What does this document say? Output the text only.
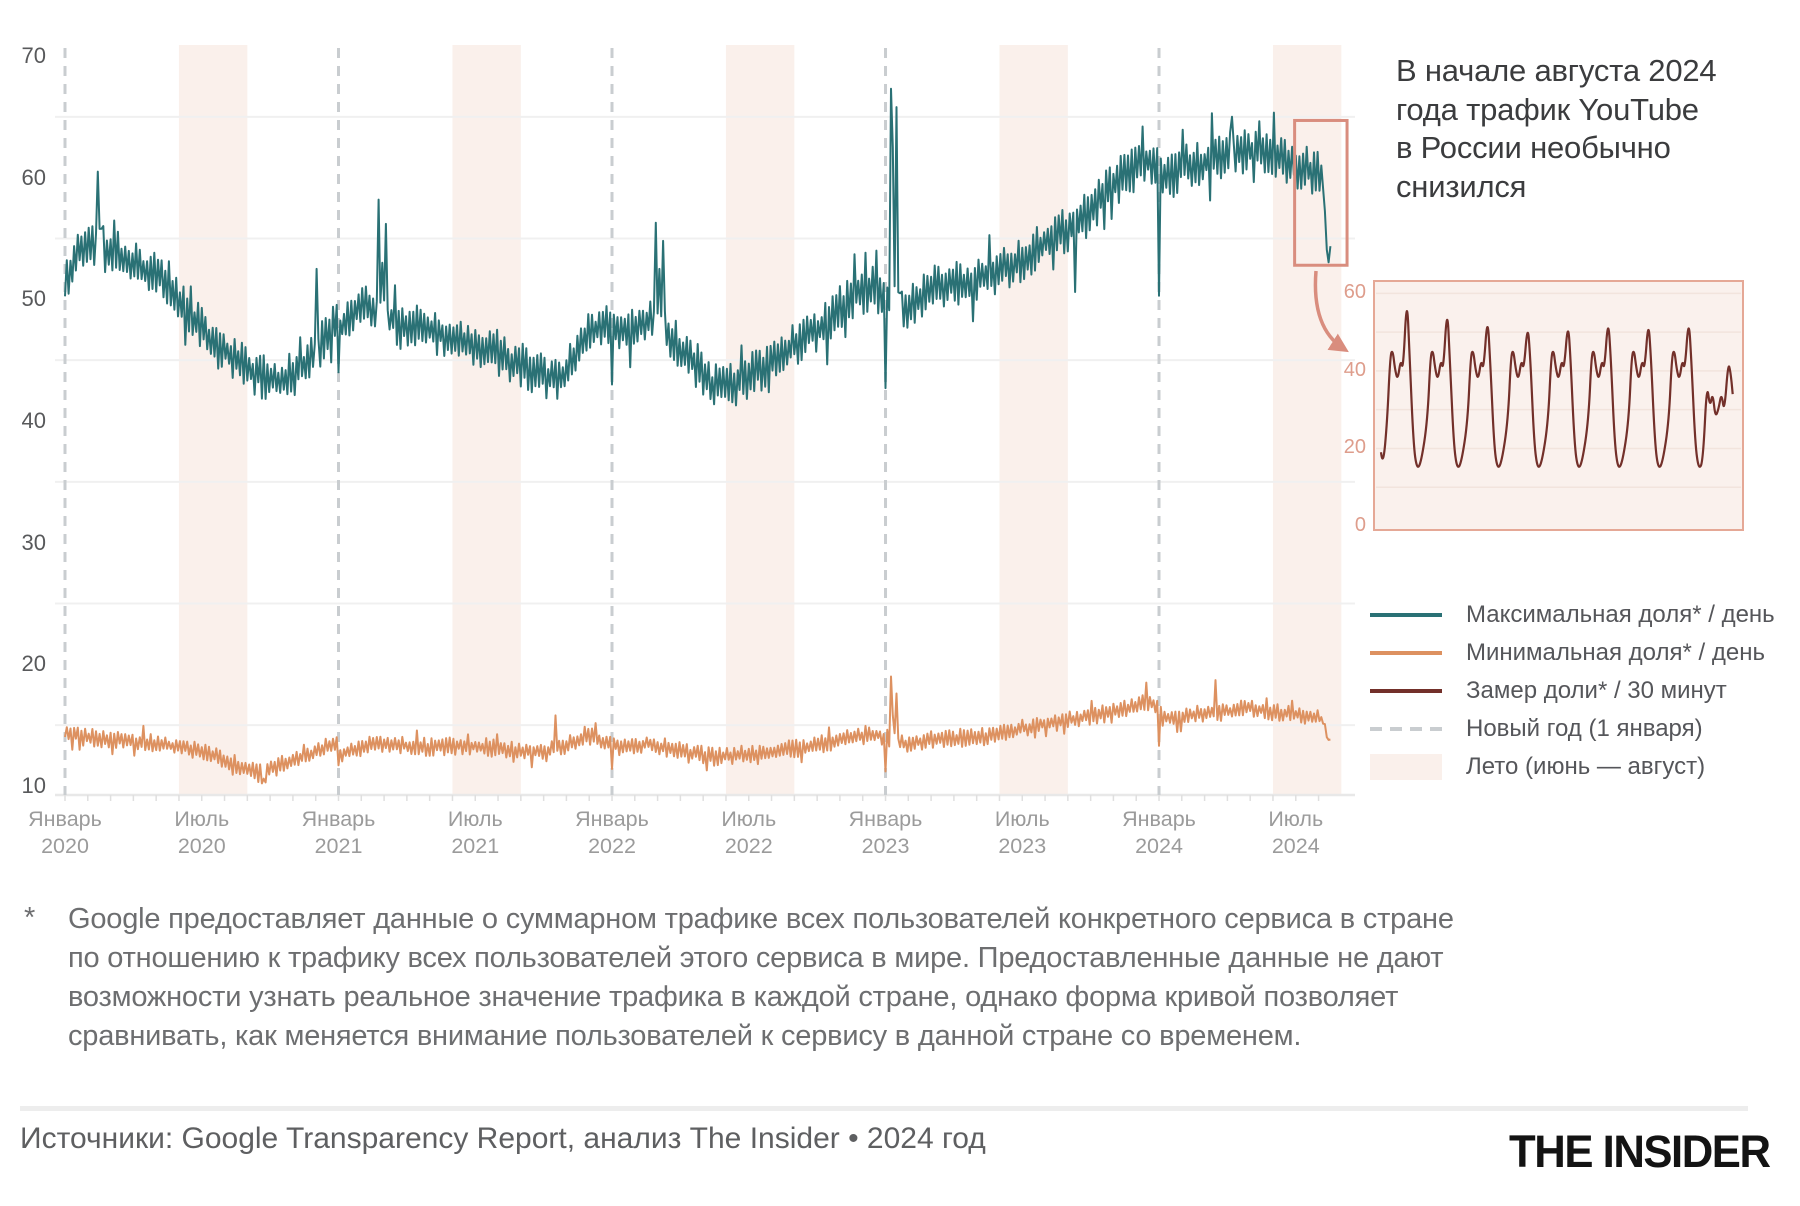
10
20
30
40
50
60
70
Январь
2020
Июль
2020
Январь
2021
Июль
2021
Январь
2022
Июль
2022
Январь
2023
Июль
2023
Январь
2024
Июль
2024
0
20
40
60
В начале августа 2024
года трафик YouTube
в России необычно
снизился
Максимальная доля* / день
Минимальная доля* / день
Замер доли* / 30 минут
Новый год (1 января)
Лето (июнь — август)
* Google предоставляет данные о суммарном трафике всех пользователей конкретного сервиса в стране
по отношению к трафику всех пользователей этого сервиса в мире. Предоставленные данные не дают
возможности узнать реальное значение трафика в каждой стране, однако форма кривой позволяет
сравнивать, как меняется внимание пользователей к сервису в данной стране со временем.
Источники: Google Transparency Report, анализ The Insider • 2024 год	THE INSIDER
